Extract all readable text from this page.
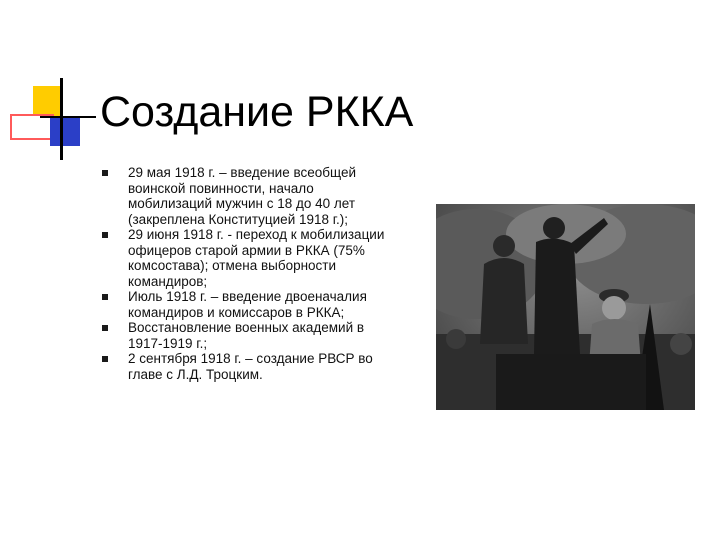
Создание РККА
29 мая 1918 г. – введение всеобщей воинской повинности, начало мобилизаций мужчин с 18 до 40 лет (закреплена Конституцией 1918 г.);
29 июня 1918 г. - переход к мобилизации офицеров старой армии в РККА (75% комсостава); отмена выборности командиров;
Июль 1918 г. – введение двоеначалия командиров и комиссаров в РККА;
Восстановление военных академий в 1917-1919 г.;
2 сентября 1918 г. – создание РВСР во главе с Л.Д. Троцким.
